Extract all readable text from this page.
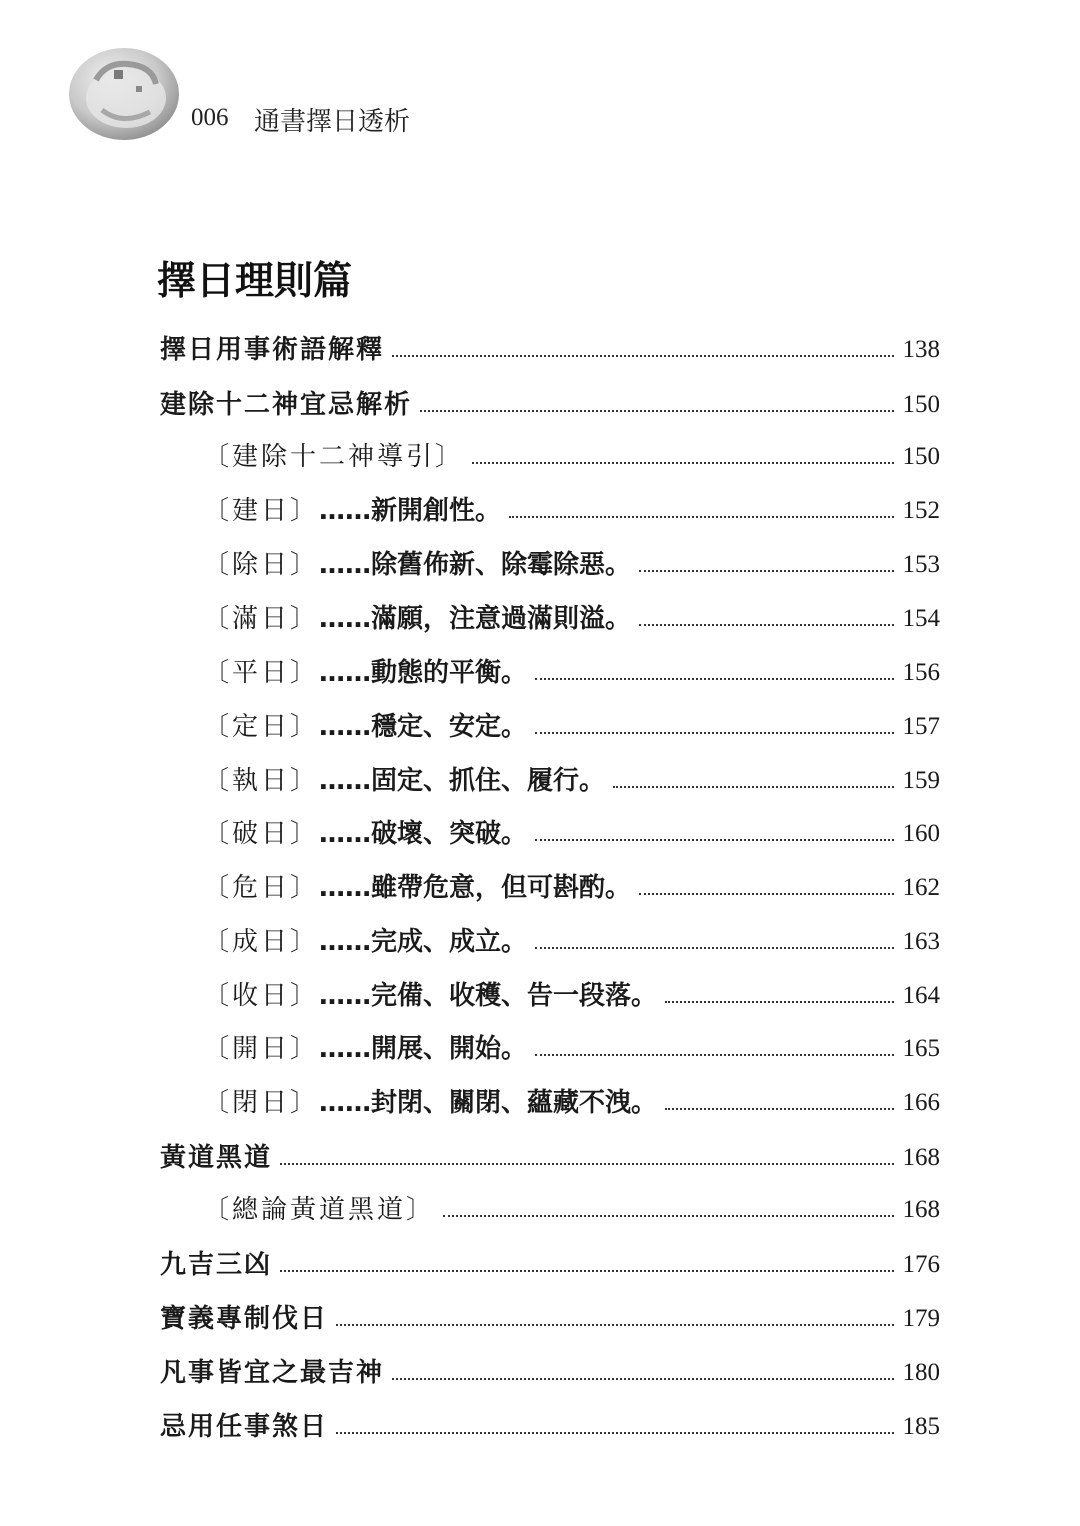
006 通書擇日透析
擇日理則篇
擇日用事術語解釋	138
建除十二神宜忌解析	150
〔建除十二神導引〕	150
〔建日〕……新開創性。	152
〔除日〕……除舊佈新、除霉除惡。	153
〔滿日〕……滿願，注意過滿則溢。	154
〔平日〕……動態的平衡。	156
〔定日〕……穩定、安定。	157
〔執日〕……固定、抓住、履行。	159
〔破日〕……破壞、突破。	160
〔危日〕……雖帶危意，但可斟酌。	162
〔成日〕……完成、成立。	163
〔收日〕……完備、收穫、告一段落。	164
〔開日〕……開展、開始。	165
〔閉日〕……封閉、關閉、蘊藏不洩。	166
黃道黑道	168
〔總論黃道黑道〕	168
九吉三凶	176
寶義專制伐日	179
凡事皆宜之最吉神	180
忌用任事煞日	185
